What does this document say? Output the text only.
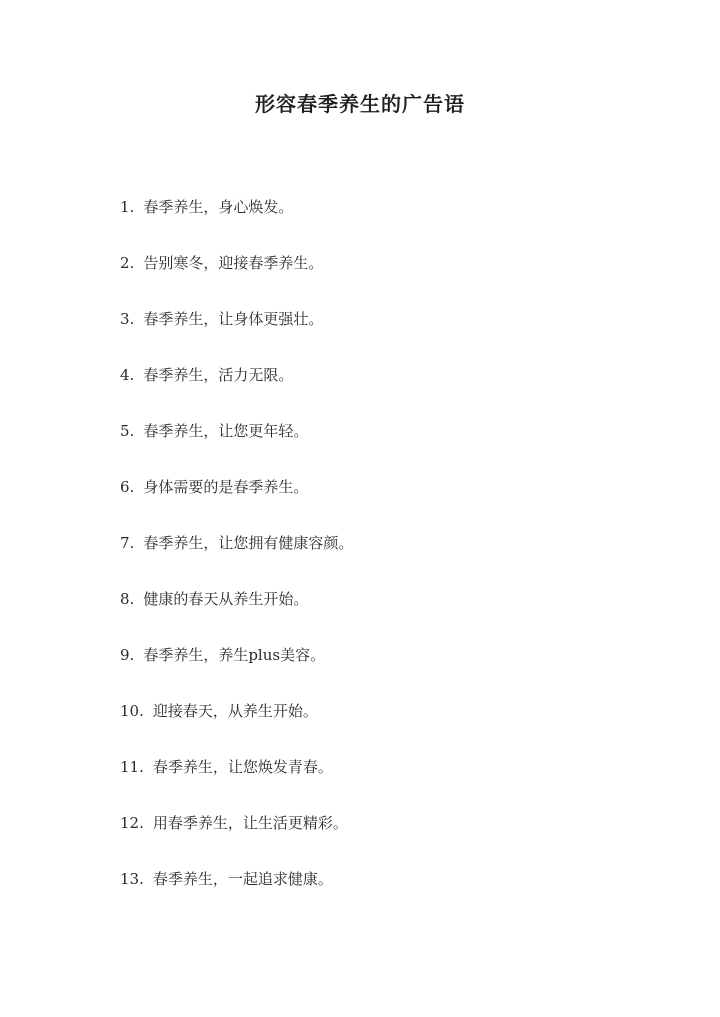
形容春季养生的广告语
1. 春季养生，身心焕发。
2. 告别寒冬，迎接春季养生。
3. 春季养生，让身体更强壮。
4. 春季养生，活力无限。
5. 春季养生，让您更年轻。
6. 身体需要的是春季养生。
7. 春季养生，让您拥有健康容颜。
8. 健康的春天从养生开始。
9. 春季养生，养生plus美容。
10. 迎接春天，从养生开始。
11. 春季养生，让您焕发青春。
12. 用春季养生，让生活更精彩。
13. 春季养生，一起追求健康。
